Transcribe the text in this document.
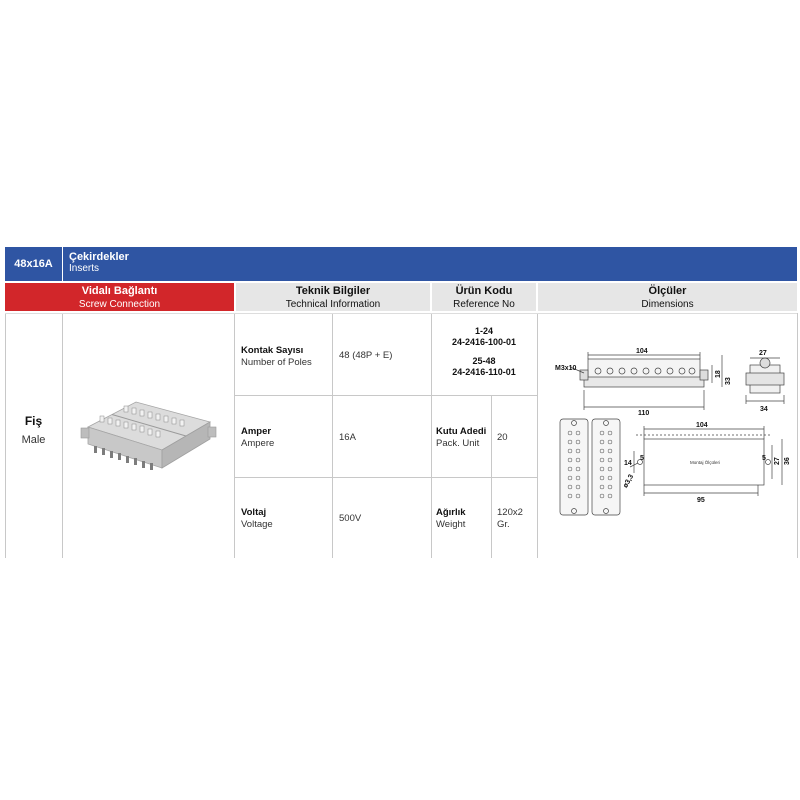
48x16A
Çekirdekler
Inserts
Vidalı Bağlantı
Screw Connection
Teknik Bilgiler
Technical Information
Ürün Kodu
Reference No
Ölçüler
Dimensions
Fiş
Male
Kontak Sayısı
Number of Poles
48 (48P + E)
Amper
Ampere
16A
Voltaj
Voltage
500V
1-24
24-2416-100-01
25-48
24-2416-110-01
Kutu Adedi
Pack. Unit
20
Ağırlık
Weight
120x2
Gr.
M3x10
104
18
33
110
27
34
104
95
14
5	5 27 36
ø3,3
Montaj Ölçüleri
